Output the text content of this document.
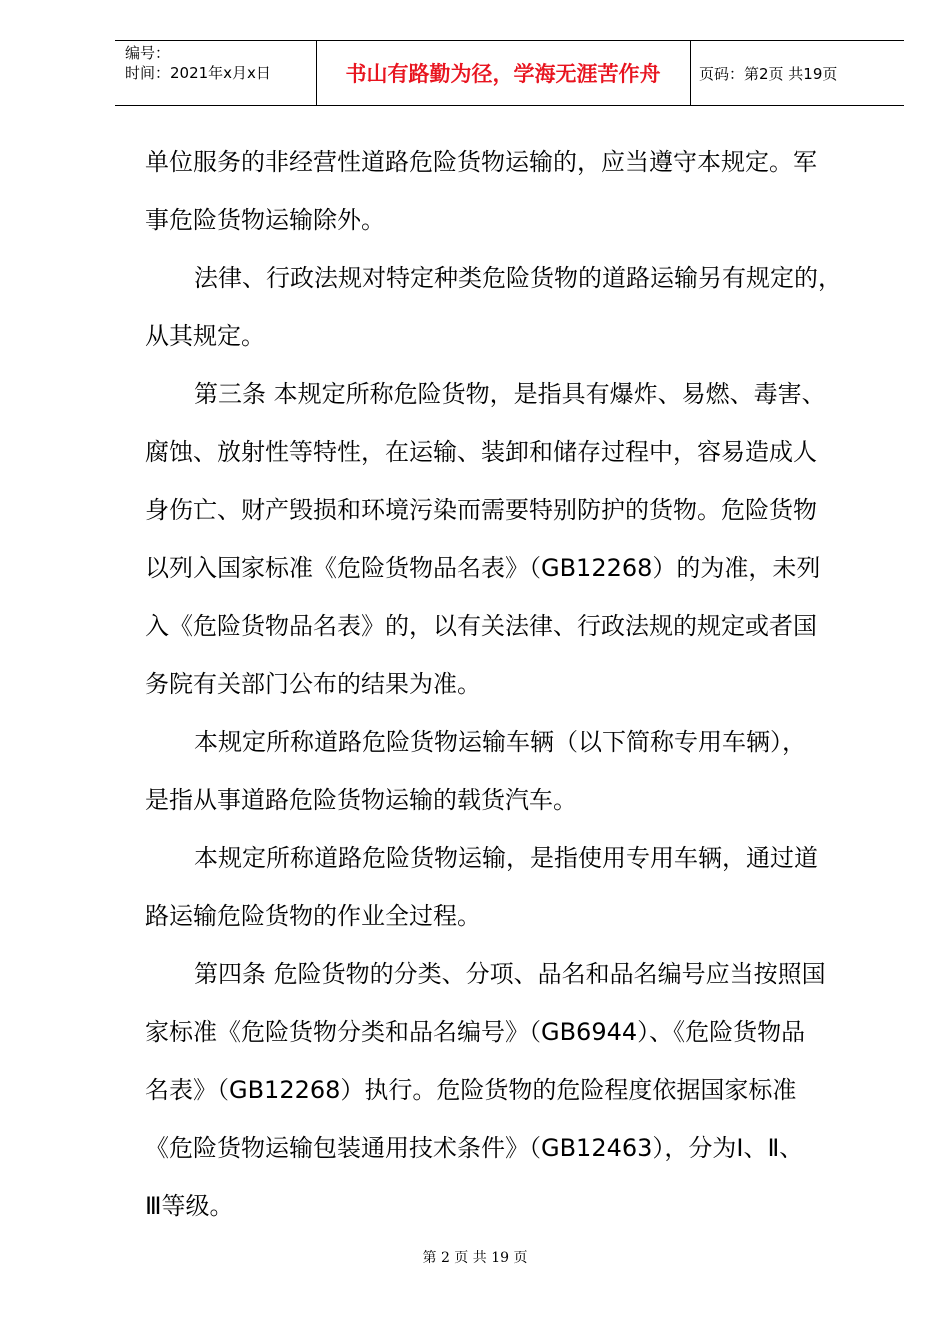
编号：
时间：2021年x月x日	书山有路勤为径，学海无涯苦作舟	页码：第2页 共19页
单位服务的非经营性道路危险货物运输的，应当遵守本规定。军
事危险货物运输除外。
法律、行政法规对特定种类危险货物的道路运输另有规定的，
从其规定。
第三条 本规定所称危险货物，是指具有爆炸、易燃、毒害、
腐蚀、放射性等特性，在运输、装卸和储存过程中，容易造成人
身伤亡、财产毁损和环境污染而需要特别防护的货物。危险货物
以列入国家标准《危险货物品名表》（GB12268）的为准，未列
入《危险货物品名表》的，以有关法律、行政法规的规定或者国
务院有关部门公布的结果为准。
本规定所称道路危险货物运输车辆（以下简称专用车辆），
是指从事道路危险货物运输的载货汽车。
本规定所称道路危险货物运输，是指使用专用车辆，通过道
路运输危险货物的作业全过程。
第四条 危险货物的分类、分项、品名和品名编号应当按照国
家标准《危险货物分类和品名编号》（GB6944）、《危险货物品
名表》（GB12268）执行。危险货物的危险程度依据国家标准
《危险货物运输包装通用技术条件》（GB12463），分为Ⅰ、Ⅱ、
Ⅲ等级。
第 2 页 共 19 页
